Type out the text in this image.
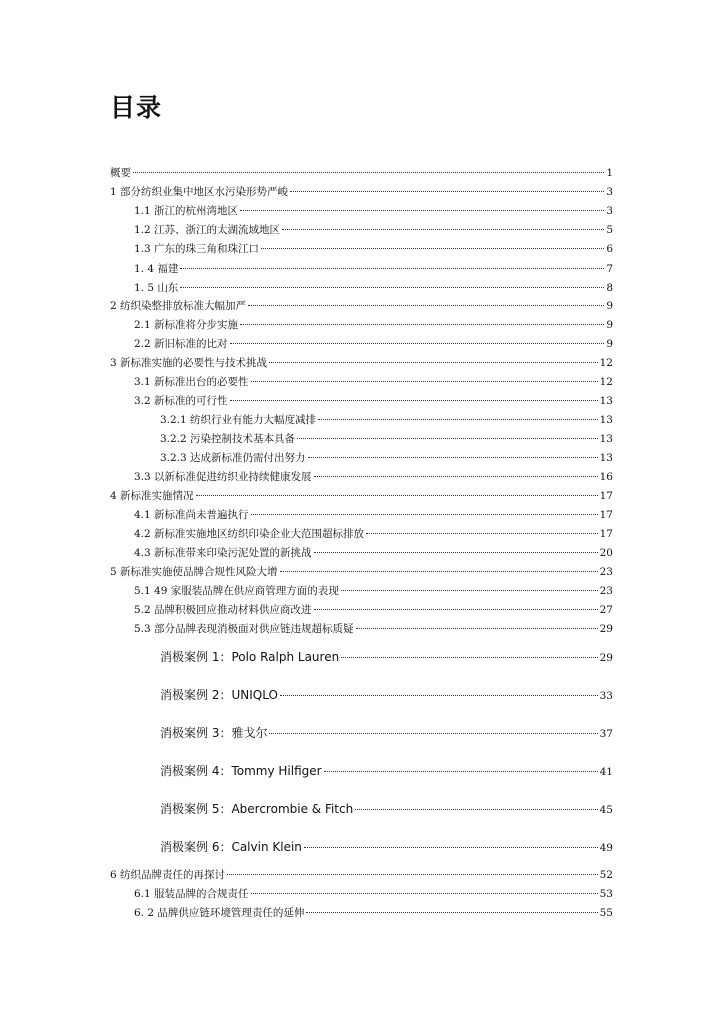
目录
概要	1
1 部分纺织业集中地区水污染形势严峻	3
1.1 浙江的杭州湾地区	3
1.2 江苏、浙江的太湖流域地区	5
1.3 广东的珠三角和珠江口	6
1. 4 福建	7
1. 5 山东	8
2 纺织染整排放标准大幅加严	9
2.1 新标准将分步实施	9
2.2 新旧标准的比对	9
3 新标准实施的必要性与技术挑战	12
3.1 新标准出台的必要性	12
3.2 新标准的可行性	13
3.2.1 纺织行业有能力大幅度减排	13
3.2.2 污染控制技术基本具备	13
3.2.3 达成新标准仍需付出努力	13
3.3 以新标准促进纺织业持续健康发展	16
4 新标准实施情况	17
4.1 新标准尚未普遍执行	17
4.2 新标准实施地区纺织印染企业大范围超标排放	17
4.3 新标准带来印染污泥处置的新挑战	20
5 新标准实施使品牌合规性风险大增	23
5.1 49 家服装品牌在供应商管理方面的表现	23
5.2 品牌积极回应推动材料供应商改进	27
5.3 部分品牌表现消极面对供应链违规超标质疑	29
消极案例 1：Polo Ralph Lauren	29
消极案例 2：UNIQLO	33
消极案例 3：雅戈尔	37
消极案例 4：Tommy Hilfiger	41
消极案例 5：Abercrombie & Fitch	45
消极案例 6：Calvin Klein	49
6 纺织品牌责任的再探讨	52
6.1 服装品牌的合规责任	53
6. 2 品牌供应链环境管理责任的延伸	55
